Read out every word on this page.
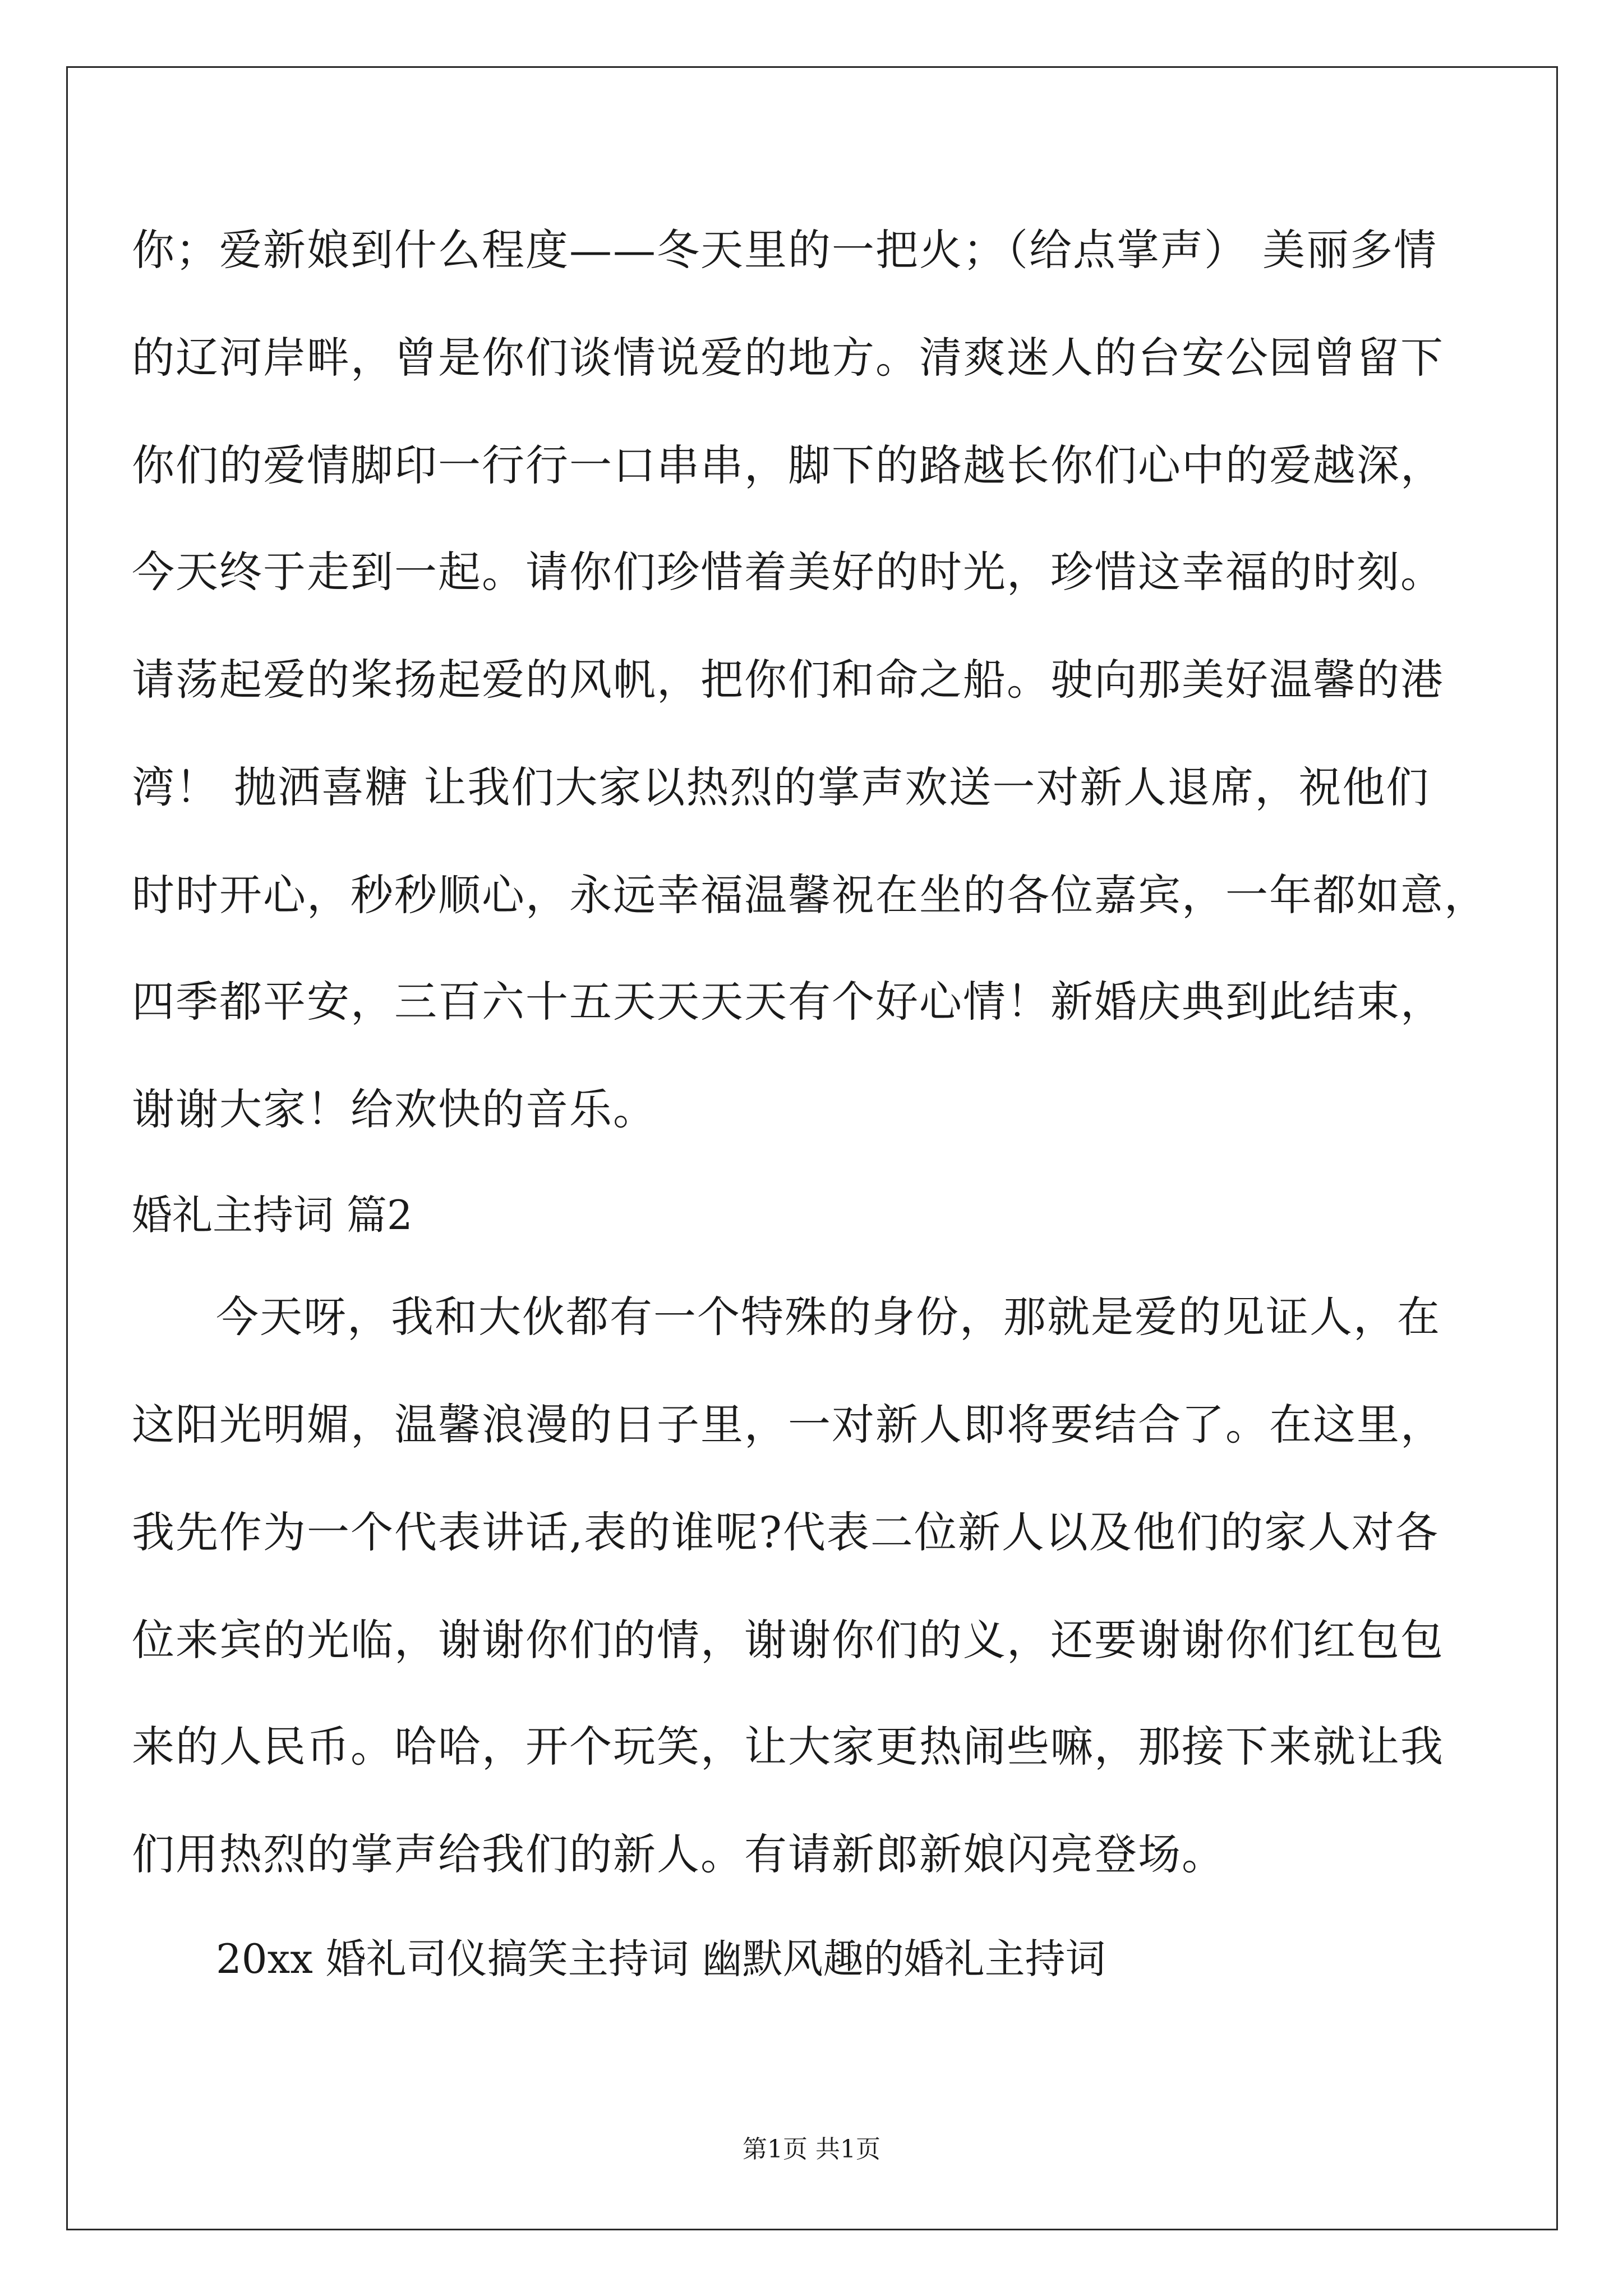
你；爱新娘到什么程度——冬天里的一把火；（给点掌声） 美丽多情
的辽河岸畔，曾是你们谈情说爱的地方。清爽迷人的台安公园曾留下
你们的爱情脚印一行行一口串串，脚下的路越长你们心中的爱越深，
今天终于走到一起。请你们珍惜着美好的时光，珍惜这幸福的时刻。
请荡起爱的桨扬起爱的风帆，把你们和命之船。驶向那美好温馨的港
湾！ 抛洒喜糖 让我们大家以热烈的掌声欢送一对新人退席，祝他们
时时开心，秒秒顺心，永远幸福温馨祝在坐的各位嘉宾，一年都如意，
四季都平安，三百六十五天天天天有个好心情！新婚庆典到此结束，
谢谢大家！给欢快的音乐。
婚礼主持词 篇2
今天呀，我和大伙都有一个特殊的身份，那就是爱的见证人，在
这阳光明媚，温馨浪漫的日子里，一对新人即将要结合了。在这里，
我先作为一个代表讲话,表的谁呢?代表二位新人以及他们的家人对各
位来宾的光临，谢谢你们的情，谢谢你们的义，还要谢谢你们红包包
来的人民币。哈哈，开个玩笑，让大家更热闹些嘛，那接下来就让我
们用热烈的掌声给我们的新人。有请新郎新娘闪亮登场。
20xx 婚礼司仪搞笑主持词 幽默风趣的婚礼主持词
第1页 共1页
